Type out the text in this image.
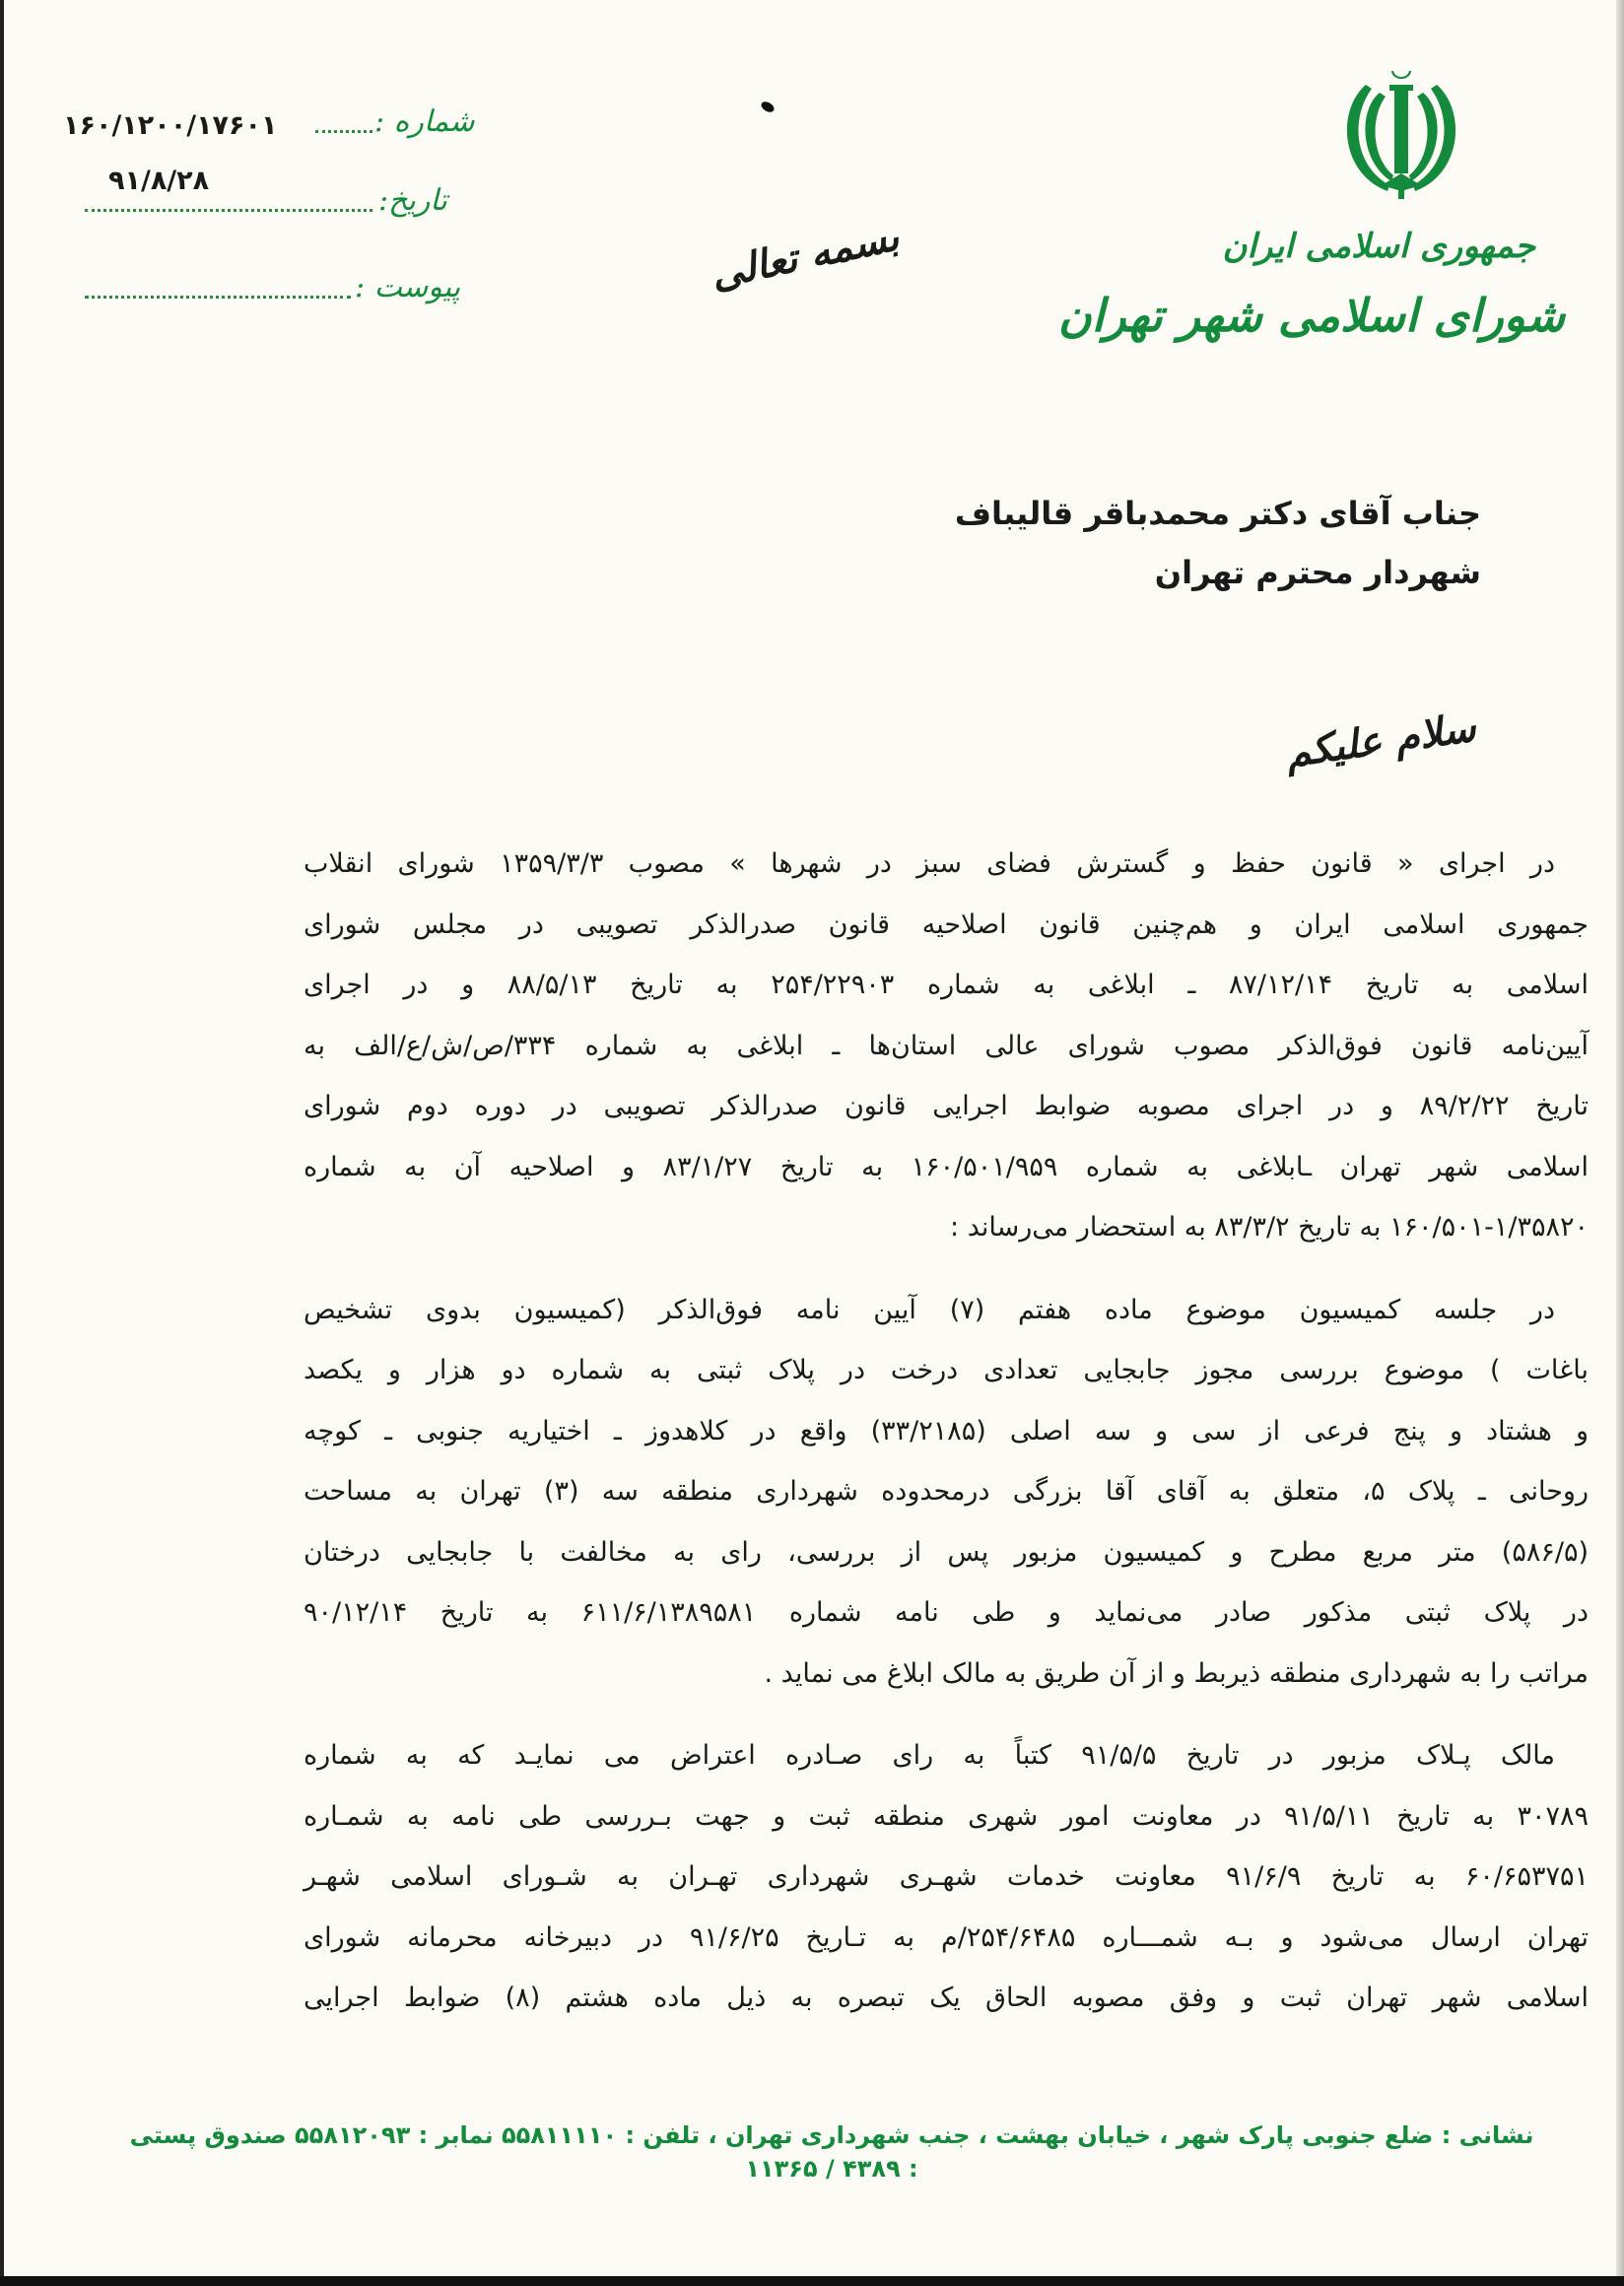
شماره :
۱۶۰/۱۲۰۰/۱۷۶۰۱
۹۱/۸/۲۸
تاریخ:
پیوست :	بسمه تعالی	جمهوری اسلامی ایران
شورای اسلامی شهر تهران
جناب آقای دکتر محمدباقر قالیباف
شهردار محترم تهران
سلام علیکم
در اجرای « قانون حفظ و گسترش فضای سبز در شهرها » مصوب ۱۳۵۹/۳/۳ شورای انقلاب
جمهوری اسلامی ایران و هم‌چنین قانون اصلاحیه قانون صدرالذکر تصویبی در مجلس شورای
اسلامی به تاریخ ۸۷/۱۲/۱۴ ـ ابلاغی به شماره ۲۵۴/۲۲۹۰۳ به تاریخ ۸۸/۵/۱۳ و در اجرای
آیین‌نامه قانون فوق‌الذکر مصوب شورای عالی استان‌ها ـ ابلاغی به شماره ۳۳۴/ص/ش/ع/الف به
تاریخ ۸۹/۲/۲۲ و در اجرای مصوبه ضوابط اجرایی قانون صدرالذکر تصویبی در دوره دوم شورای
اسلامی شهر تهران ـابلاغی به شماره ۱۶۰/۵۰۱/۹۵۹ به تاریخ ۸۳/۱/۲۷ و اصلاحیه آن به شماره
۱۶۰/۵۰۱-۱/۳۵۸۲۰ به تاریخ ۸۳/۳/۲ به استحضار می‌رساند :
در جلسه کمیسیون موضوع ماده هفتم (۷) آیین نامه فوق‌الذکر (کمیسیون بدوی تشخیص
باغات ) موضوع بررسی مجوز جابجایی تعدادی درخت در پلاک ثبتی به شماره دو هزار و یکصد
و هشتاد و پنج فرعی از سی و سه اصلی (۳۳/۲۱۸۵) واقع در کلاهدوز ـ اختیاریه جنوبی ـ کوچه
روحانی ـ پلاک ۵، متعلق به آقای آقا بزرگی درمحدوده شهرداری منطقه سه (۳) تهران به مساحت
(۵۸۶/۵) متر مربع مطرح و کمیسیون مزبور پس از بررسی، رای به مخالفت با جابجایی درختان
در پلاک ثبتی مذکور صادر می‌نماید و طی نامه شماره ۶۱۱/۶/۱۳۸۹۵۸۱ به تاریخ ۹۰/۱۲/۱۴
مراتب را به شهرداری منطقه ذیربط و از آن طریق به مالک ابلاغ می نماید .
مالک پـلاک مزبور در تاریخ ۹۱/۵/۵ کتباً به رای صـادره اعتراض می نمایـد که به شماره
۳۰۷۸۹ به تاریخ ۹۱/۵/۱۱ در معاونت امور شهری منطقه ثبت و جهت بـررسی طی نامه به شمـاره
۶۰/۶۵۳۷۵۱ به تاریخ ۹۱/۶/۹ معاونت خدمات شهـری شهرداری تهـران به شـورای اسلامی شهـر
تهران ارسال می‌شود و بـه شمـــاره ۲۵۴/۶۴۸۵/م به تـاریخ ۹۱/۶/۲۵ در دبیرخانه محرمانه شورای
اسلامی شهر تهران ثبت و وفق مصوبه الحاق یک تبصره به ذیل ماده هشتم (۸) ضوابط اجرایی
نشانی : ضلع جنوبی پارک شهر ، خیابان بهشت ، جنب شهرداری تهران ، تلفن : ۵۵۸۱۱۱۱۰ نمابر : ۵۵۸۱۲۰۹۳ صندوق پستی : ۴۳۸۹ / ۱۱۳۶۵
